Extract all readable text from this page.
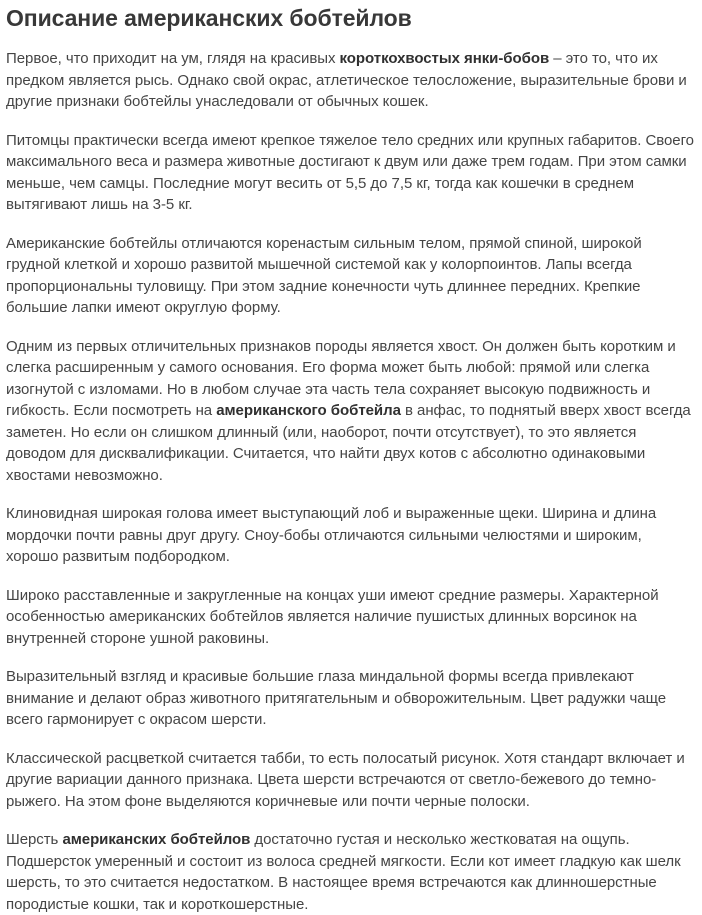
Описание американских бобтейлов

Первое, что приходит на ум, глядя на красивых короткохвостых янки-бобов – это то, что их предком является рысь. Однако свой окрас, атлетическое телосложение, выразительные брови и другие признаки бобтейлы унаследовали от обычных кошек.

Питомцы практически всегда имеют крепкое тяжелое тело средних или крупных габаритов. Своего максимального веса и размера животные достигают к двум или даже трем годам. При этом самки меньше, чем самцы. Последние могут весить от 5,5 до 7,5 кг, тогда как кошечки в среднем вытягивают лишь на 3-5 кг.

Американские бобтейлы отличаются коренастым сильным телом, прямой спиной, широкой грудной клеткой и хорошо развитой мышечной системой как у колорпоинтов. Лапы всегда пропорциональны туловищу. При этом задние конечности чуть длиннее передних. Крепкие большие лапки имеют округлую форму.

Одним из первых отличительных признаков породы является хвост. Он должен быть коротким и слегка расширенным у самого основания. Его форма может быть любой: прямой или слегка изогнутой с изломами. Но в любом случае эта часть тела сохраняет высокую подвижность и гибкость. Если посмотреть на американского бобтейла в анфас, то поднятый вверх хвост всегда заметен. Но если он слишком длинный (или, наоборот, почти отсутствует), то это является доводом для дисквалификации. Считается, что найти двух котов с абсолютно одинаковыми хвостами невозможно.

Клиновидная широкая голова имеет выступающий лоб и выраженные щеки. Ширина и длина мордочки почти равны друг другу. Сноу-бобы отличаются сильными челюстями и широким, хорошо развитым подбородком.

Широко расставленные и закругленные на концах уши имеют средние размеры. Характерной особенностью американских бобтейлов является наличие пушистых длинных ворсинок на внутренней стороне ушной раковины.

Выразительный взгляд и красивые большие глаза миндальной формы всегда привлекают внимание и делают образ животного притягательным и обворожительным. Цвет радужки чаще всего гармонирует с окрасом шерсти.

Классической расцветкой считается табби, то есть полосатый рисунок. Хотя стандарт включает и другие вариации данного признака. Цвета шерсти встречаются от светло-бежевого до темно-рыжего. На этом фоне выделяются коричневые или почти черные полоски.

Шерсть американских бобтейлов достаточно густая и несколько жестковатая на ощупь. Подшерсток умеренный и состоит из волоса средней мягкости. Если кот имеет гладкую как шелк шерсть, то это считается недостатком. В настоящее время встречаются как длинношерстные породистые кошки, так и короткошерстные.
